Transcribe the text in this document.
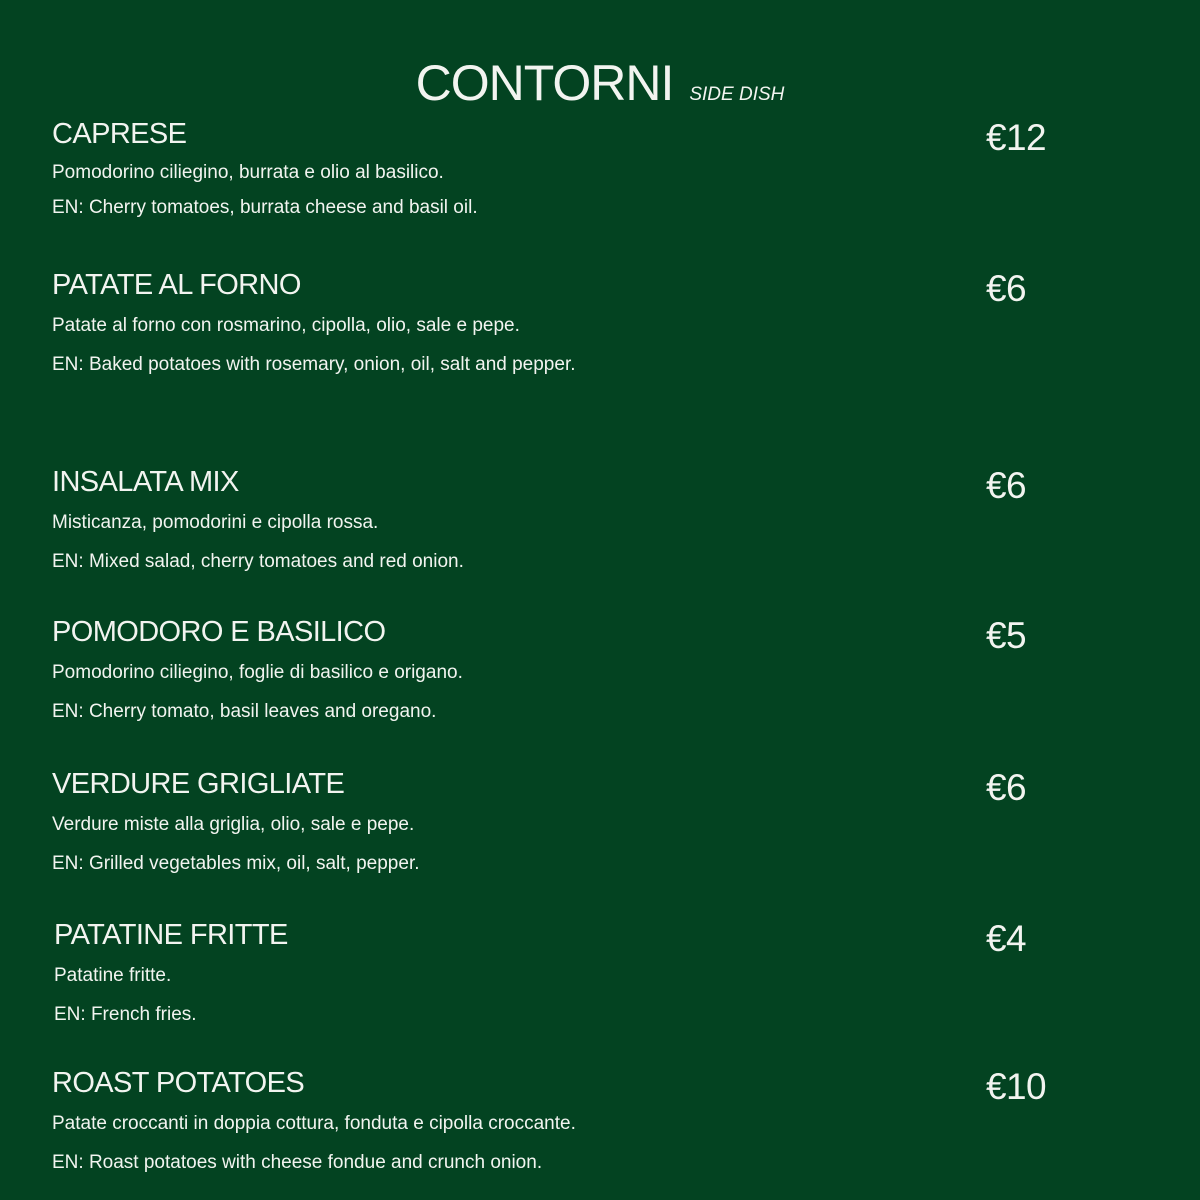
CONTORNI SIDE DISH
CAPRESE	€12
Pomodorino ciliegino, burrata e olio al basilico.
EN: Cherry tomatoes, burrata cheese and basil oil.
PATATE AL FORNO	€6
Patate al forno con rosmarino, cipolla, olio, sale e pepe.
EN: Baked potatoes with rosemary, onion, oil, salt and pepper.
INSALATA MIX	€6
Misticanza, pomodorini e cipolla rossa.
EN: Mixed salad, cherry tomatoes and red onion.
POMODORO E BASILICO	€5
Pomodorino ciliegino, foglie di basilico e origano.
EN: Cherry tomato, basil leaves and oregano.
VERDURE GRIGLIATE	€6
Verdure miste alla griglia, olio, sale e pepe.
EN: Grilled vegetables mix, oil, salt, pepper.
PATATINE FRITTE	€4
Patatine fritte.
EN: French fries.
ROAST POTATOES	€10
Patate croccanti in doppia cottura, fonduta e cipolla croccante.
EN: Roast potatoes with cheese fondue and crunch onion.
